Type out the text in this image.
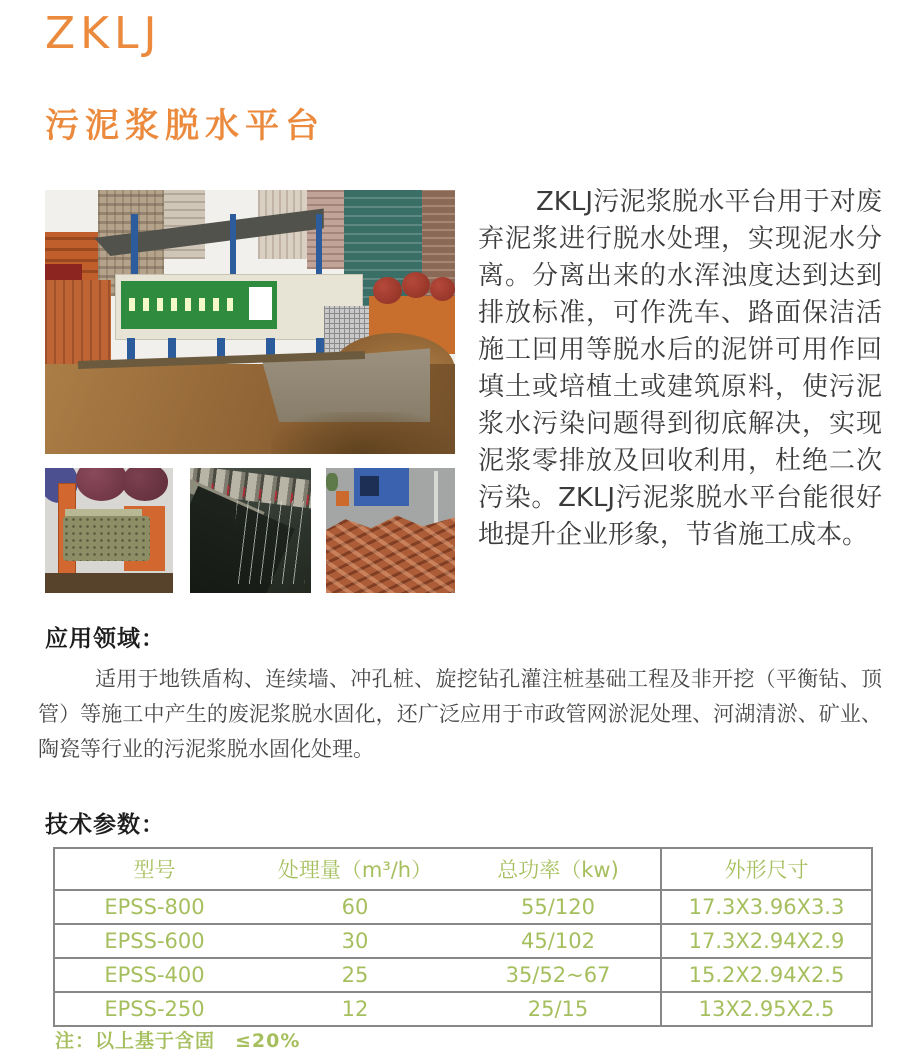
ZKLJ
污泥浆脱水平台

ZKLJ污泥浆脱水平台用于对废弃泥浆进行脱水处理，实现泥水分离。分离出来的水浑浊度达到达到排放标准，可作洗车、路面保洁活施工回用等脱水后的泥饼可用作回填土或培植土或建筑原料，使污泥浆水污染问题得到彻底解决，实现泥浆零排放及回收利用，杜绝二次污染。ZKLJ污泥浆脱水平台能很好地提升企业形象，节省施工成本。

应用领域：

适用于地铁盾构、连续墙、冲孔桩、旋挖钻孔灌注桩基础工程及非开挖（平衡钻、顶管）等施工中产生的废泥浆脱水固化，还广泛应用于市政管网淤泥处理、河湖清淤、矿业、陶瓷等行业的污泥浆脱水固化处理。

技术参数：
型号	处理量（m³/h）	总功率（kw)	外形尺寸
EPSS-800	60	55/120	17.3X3.96X3.3
EPSS-600	30	45/102	17.3X2.94X2.9
EPSS-400	25	35/52~67	15.2X2.94X2.5
EPSS-250	12	25/15	13X2.95X2.5

注：以上基于含固　≤20%
